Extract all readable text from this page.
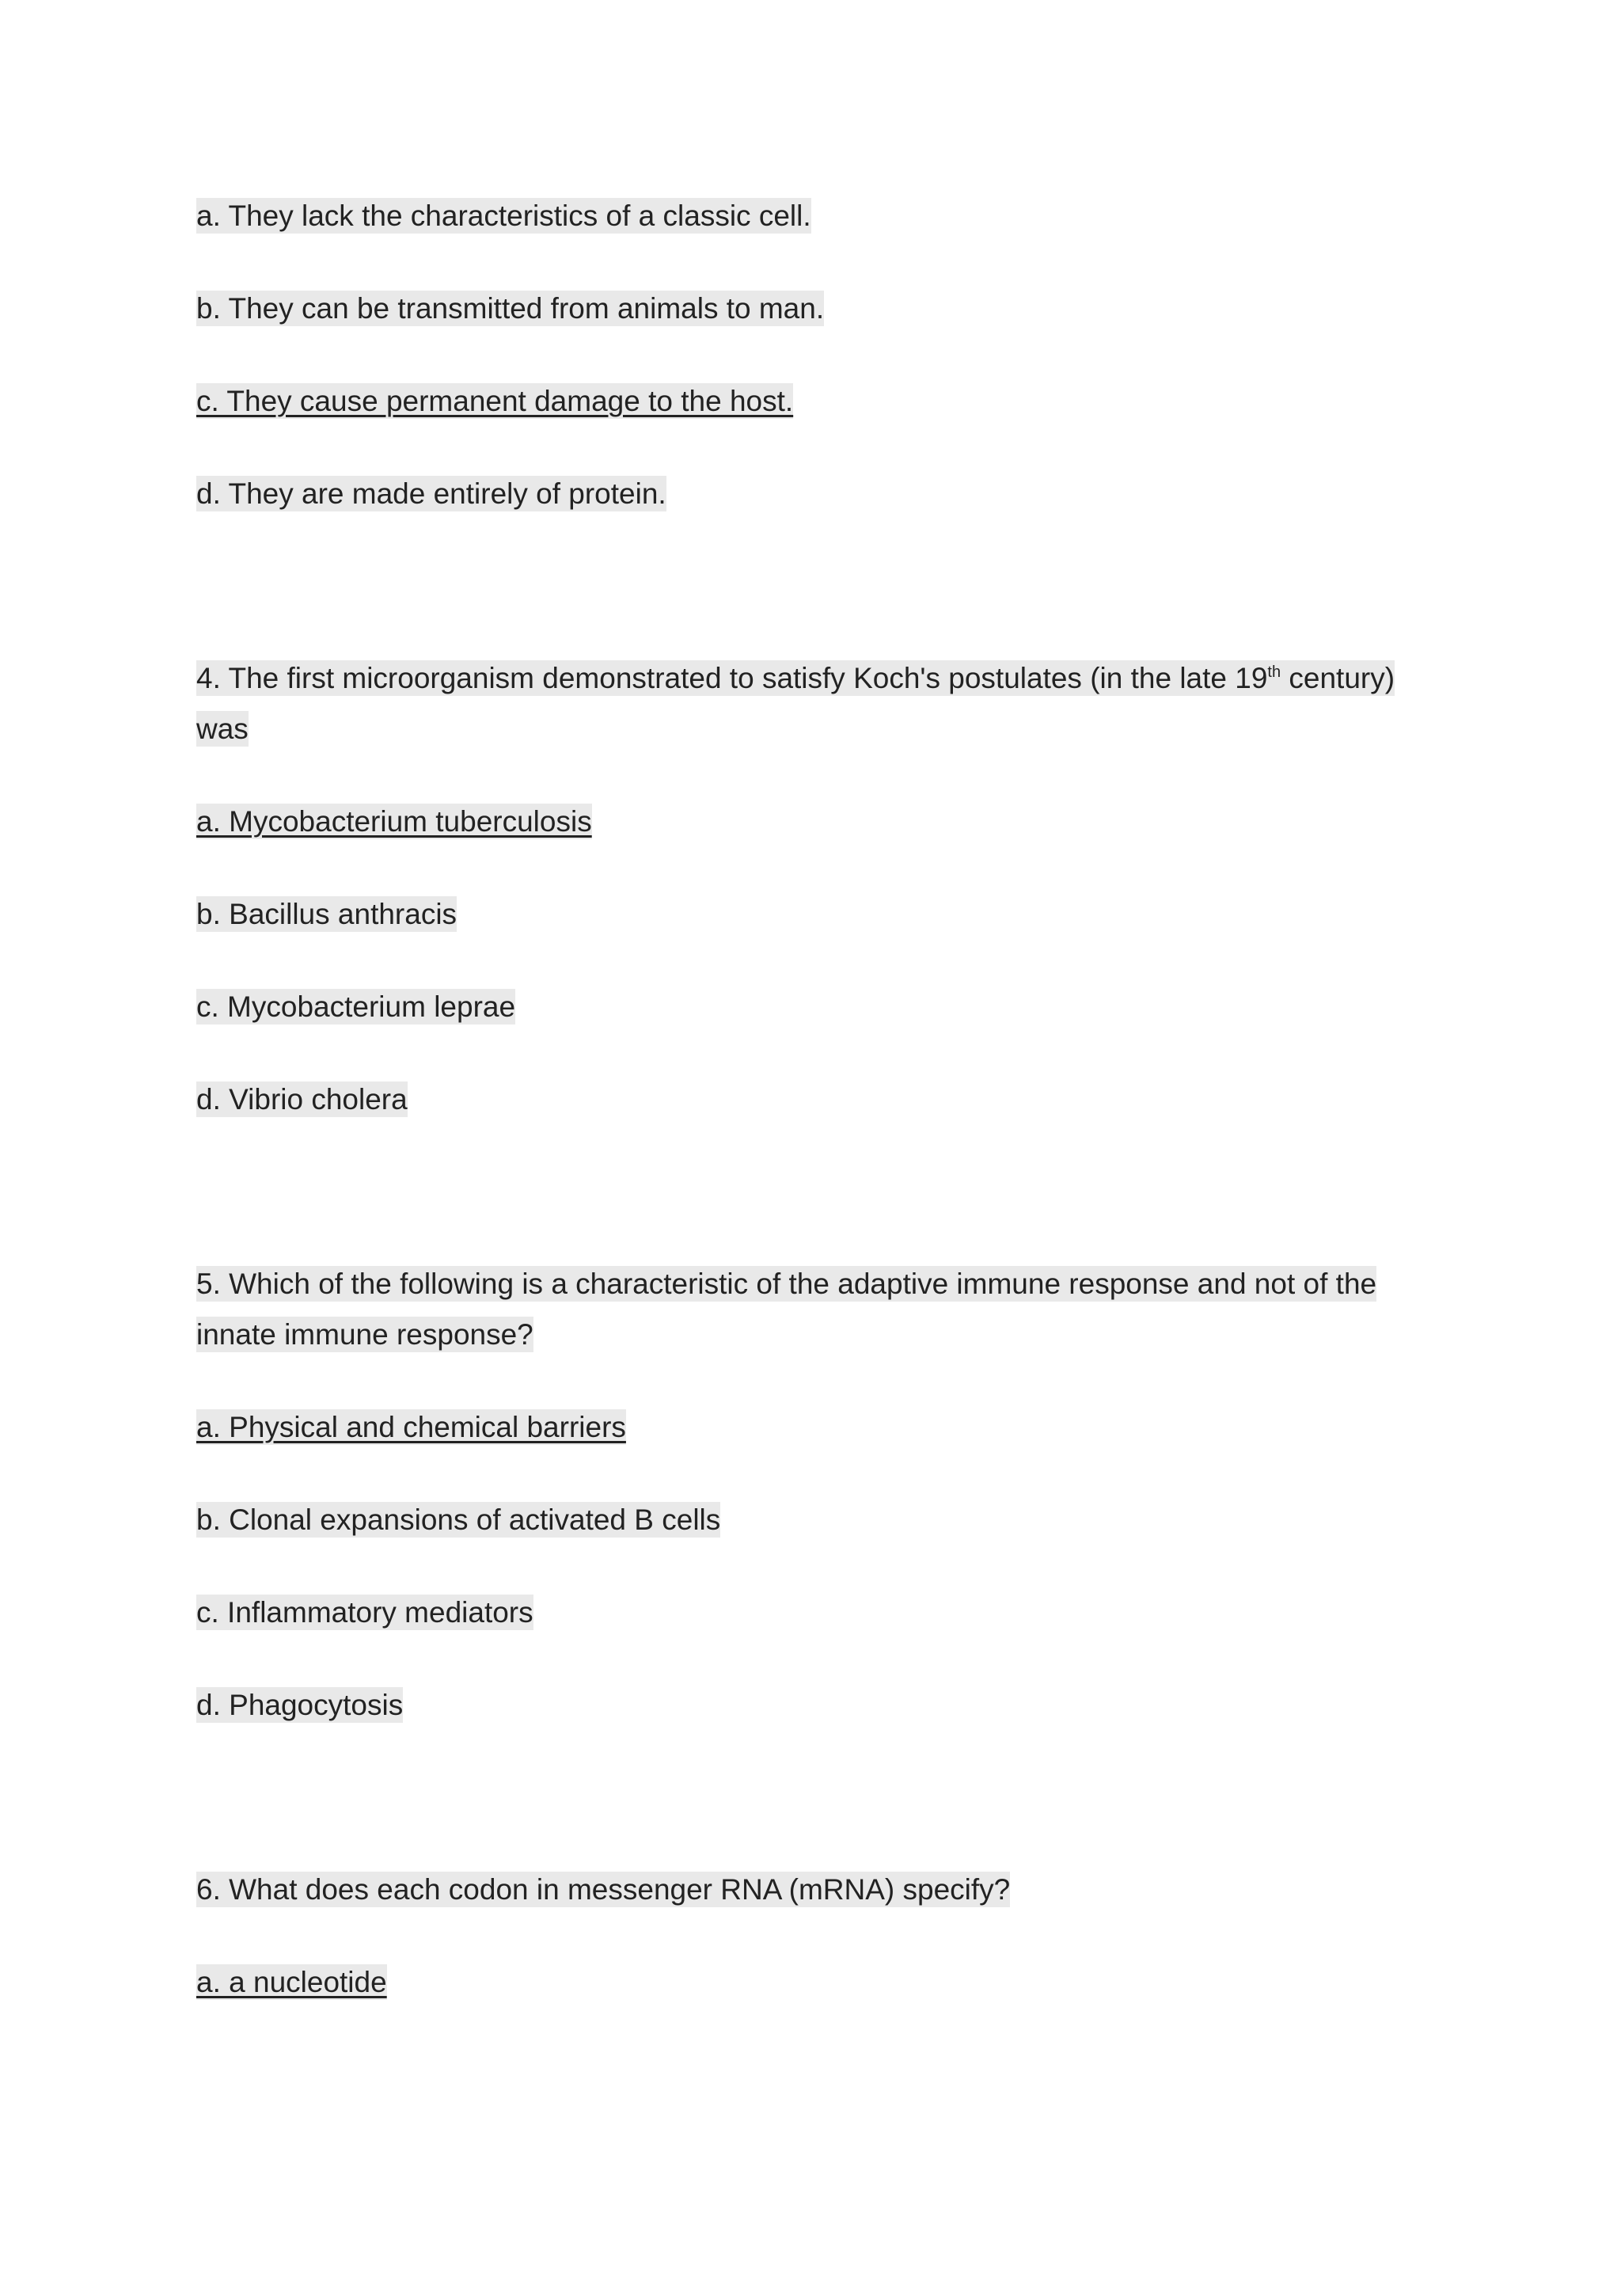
a. They lack the characteristics of a classic cell.
b. They can be transmitted from animals to man.
c. They cause permanent damage to the host.
d. They are made entirely of protein.
4. The first microorganism demonstrated to satisfy Koch's postulates (in the late 19th century)
was
a. Mycobacterium tuberculosis
b. Bacillus anthracis
c. Mycobacterium leprae
d. Vibrio cholera
5. Which of the following is a characteristic of the adaptive immune response and not of the
innate immune response?
a. Physical and chemical barriers
b. Clonal expansions of activated B cells
c. Inflammatory mediators
d. Phagocytosis
6. What does each codon in messenger RNA (mRNA) specify?
a. a nucleotide
